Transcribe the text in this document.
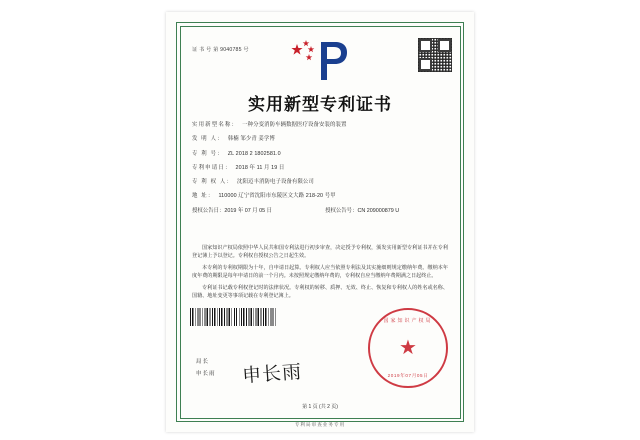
证 书 号 第 9040785 号
实用新型专利证书
实用新型名称： 一种分变消防车辆数据医疗设备安装的装置
发 明 人： 韩楠 邹少青 姜学博
专 利 号： ZL 2018 2 1802581.0
专利申请日： 2018 年 11 月 19 日
专 利 权 人： 沈阳迈丰消防电子设备有限公司
地 址： 110000 辽宁省沈阳市东陵区文大路 218-20 号甲
授权公告日： 2019 年 07 月 05 日	授权公告号： CN 209000879 U

国家知识产权局依照中华人民共和国专利法进行初步审查，决定授予专利权，颁发实用新型专利证书并在专利登记簿上予以登记。专利权自授权公告之日起生效。

本专利的专利权期限为十年，自申请日起算。专利权人应当依照专利法及其实施细则规定缴纳年费。缴纳本年度年费的期限是每年申请日的前一个月内。未按照规定缴纳年费的，专利权自应当缴纳年费期满之日起终止。

专利证书记载专利权登记时的法律状况。专利权的转移、质押、无效、终止、恢复和专利权人的姓名或名称、国籍、地址变更等事项记载在专利登记簿上。

国家知识产权局
★
2019年07月05日
局长
申长雨 申长雨
第 1 页 (共 2 页)
专利局审查业务专用
